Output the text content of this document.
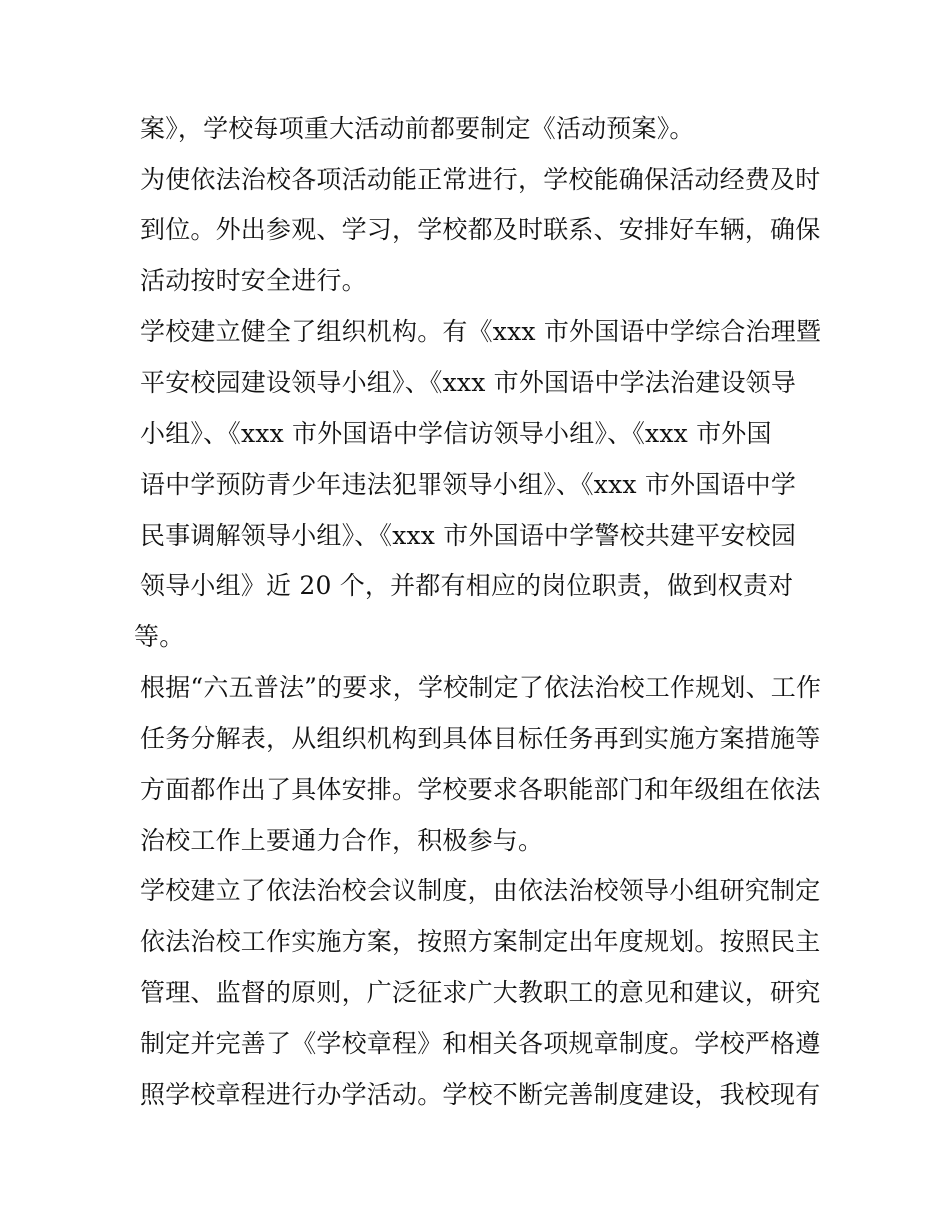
案》，学校每项重大活动前都要制定《活动预案》。
为使依法治校各项活动能正常进行，学校能确保活动经费及时
到位。外出参观、学习，学校都及时联系、安排好车辆，确保
活动按时安全进行。
学校建立健全了组织机构。有《xxx 市外国语中学综合治理暨
平安校园建设领导小组》、《xxx 市外国语中学法治建设领导
小组》、《xxx 市外国语中学信访领导小组》、《xxx 市外国
语中学预防青少年违法犯罪领导小组》、《xxx 市外国语中学
民事调解领导小组》、《xxx 市外国语中学警校共建平安校园
领导小组》近 20 个，并都有相应的岗位职责，做到权责对
等。
根据“六五普法”的要求，学校制定了依法治校工作规划、工作
任务分解表，从组织机构到具体目标任务再到实施方案措施等
方面都作出了具体安排。学校要求各职能部门和年级组在依法
治校工作上要通力合作，积极参与。
学校建立了依法治校会议制度，由依法治校领导小组研究制定
依法治校工作实施方案，按照方案制定出年度规划。按照民主
管理、监督的原则，广泛征求广大教职工的意见和建议，研究
制定并完善了《学校章程》和相关各项规章制度。学校严格遵
照学校章程进行办学活动。学校不断完善制度建设，我校现有
